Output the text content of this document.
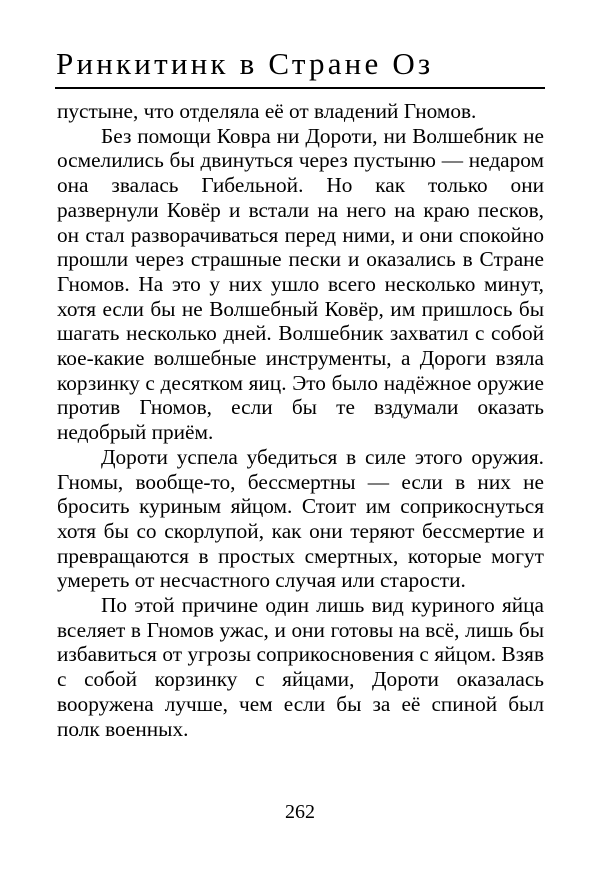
Ринкитинк в Стране Оз

пустыне, что отделяла её от владений Гномов.

Без помощи Ковра ни Дороти, ни Волшебник не осмелились бы двинуться через пустыню — недаром она звалась Гибельной. Но как только они развернули Ковёр и встали на него на краю песков, он стал разворачиваться перед ними, и они спокойно прошли через страшные пески и оказались в Стране Гномов. На это у них ушло всего несколько минут, хотя если бы не Волшебный Ковёр, им пришлось бы шагать несколько дней. Волшебник захватил с собой кое-какие волшебные инструменты, а Дороги взяла корзинку с десятком яиц. Это было надёжное оружие против Гномов, если бы те вздумали оказать недобрый приём.

Дороти успела убедиться в силе этого оружия. Гномы, вообще-то, бессмертны — если в них не бросить куриным яйцом. Стоит им соприкоснуться хотя бы со скорлупой, как они теряют бессмертие и превращаются в простых смертных, которые могут умереть от несчастного случая или старости.

По этой причине один лишь вид куриного яйца вселяет в Гномов ужас, и они готовы на всё, лишь бы избавиться от угрозы соприкосновения с яйцом. Взяв с собой корзинку с яйцами, Дороти оказалась вооружена лучше, чем если бы за её спиной был полк военных.

262
